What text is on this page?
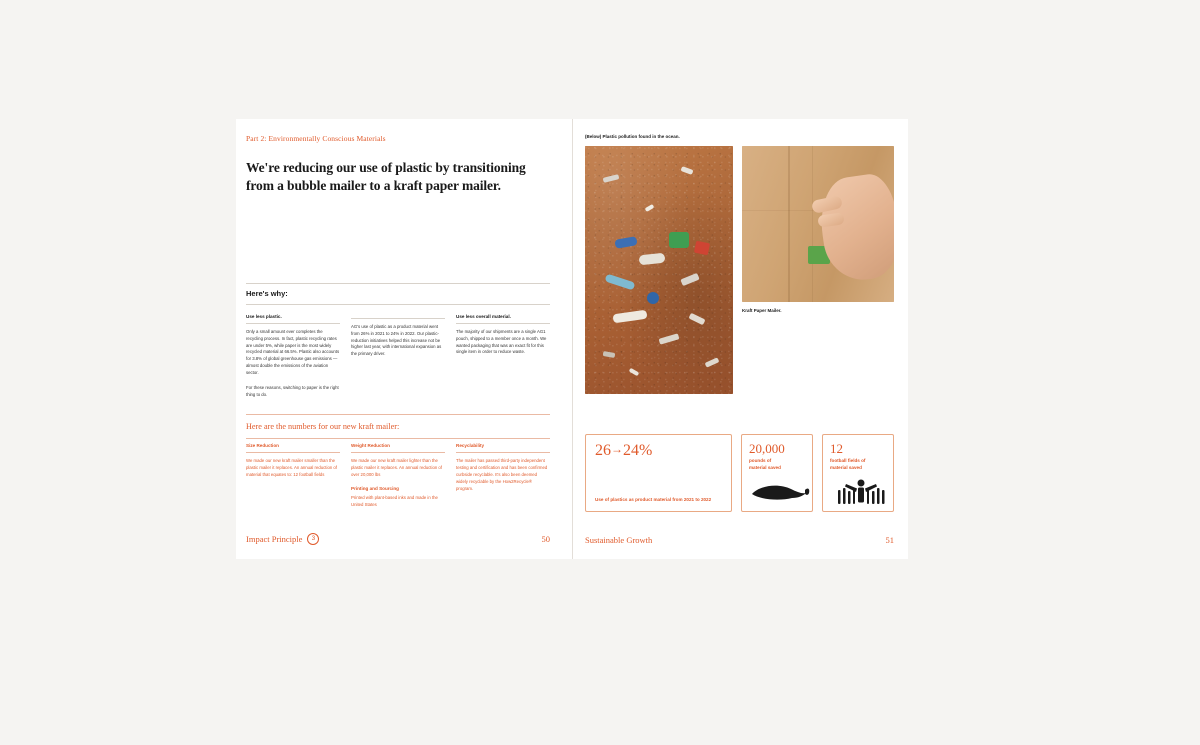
Part 2: Environmentally Conscious Materials

We're reducing our use of plastic by transitioning from a bubble mailer to a kraft paper mailer.

Here's why:

Use less plastic.

Only a small amount ever completes the recycling process. In fact, plastic recycling rates are under 5%, while paper is the most widely recycled material at 66.5%. Plastic also accounts for 3.8% of global greenhouse gas emissions —almost double the emissions of the aviation sector.

For these reasons, switching to paper is the right thing to do.

AG's use of plastic as a product material went from 26% in 2021 to 24% in 2022. Our plastic-reduction initiatives helped this increase not be higher last year, with international expansion as the primary driver.

Use less overall material.

The majority of our shipments are a single AG1 pouch, shipped to a member once a month. We wanted packaging that was an exact fit for this single item in order to reduce waste.

Here are the numbers for our new kraft mailer:

Size Reduction

We made our new kraft mailer smaller than the plastic mailer it replaces. An annual reduction of material that equates to: 12 football fields

Weight Reduction

We made our new kraft mailer lighter than the plastic mailer it replaces. An annual reduction of over 20,000 lbs

Printing and Sourcing

Printed with plant-based inks and made in the United States

Recyclability

The mailer has passed third-party independent testing and certification and has been confirmed curbside recyclable. It's also been deemed widely recyclable by the How2Recycle® program.

Impact Principle	3	50

(Below) Plastic pollution found in the ocean.

Kraft Paper Mailer.

26→24%

Use of plastics as product material from 2021 to 2022

20,000

pounds of

material saved

12

football fields of

material saved

Sustainable Growth	51
